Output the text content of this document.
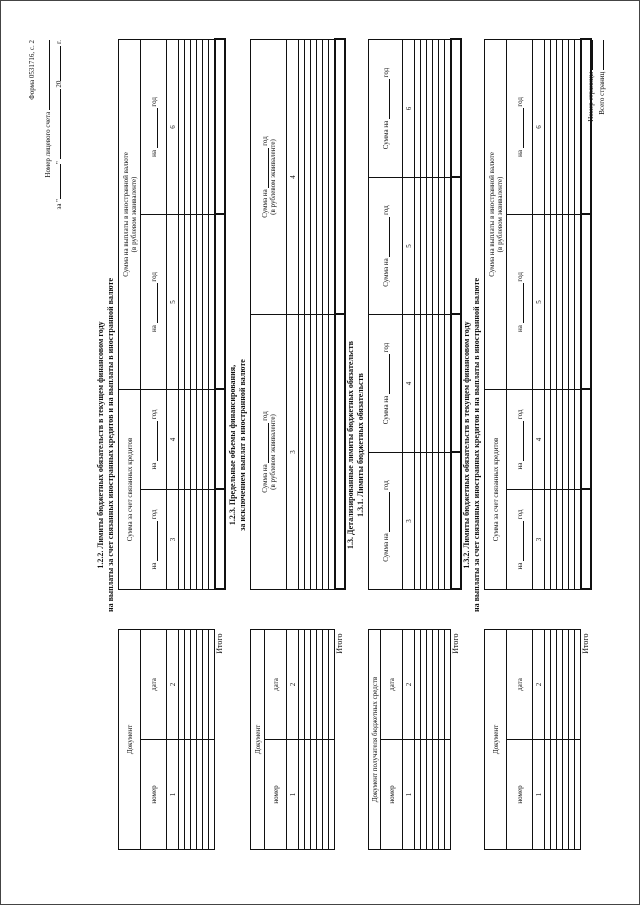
Форма 0531716, с. 2
Номер лицевого счета
за ""  20 г.
Номер страницы Всего страниц
1.2.2. Лимиты бюджетных обязательств в текущем финансовом году на выплаты за счет связанных иностранных кредитов и на выплаты в иностранной валюте
Документ			Сумма за счет связанных кредитов		Сумма на выплаты в иностранной валюте
(в рублевом эквиваленте)	
номер	дата		на  год	на  год	на  год	на  год
1	2		3	4	5	6

Итого						
1.2.3. Предельные объемы финансирования, за исключением выплат в иностранной валюте
Документ			Сумма на  год
(в рублевом эквиваленте)	Сумма на  год
(в рублевом эквиваленте)
номер	дата			
1	2		3	4

Итого				
1.3. Детализированные лимиты бюджетных обязательств 1.3.1. Лимиты бюджетных обязательств
Документ получателя бюджетных средств			Сумма на  год	Сумма на  год	Сумма на  год	Сумма на  год
номер	дата					
1	2		3	4	5	6

Итого						
1.3.2. Лимиты бюджетных обязательств в текущем финансовом году на выплаты за счет связанных иностранных кредитов и на выплаты в иностранной валюте
Документ			Сумма за счет связанных кредитов		Сумма на выплаты в иностранной валюте
(в рублевом эквиваленте)	
номер	дата		на  год	на  год	на  год	на  год
1	2		3	4	5	6

Итого						
